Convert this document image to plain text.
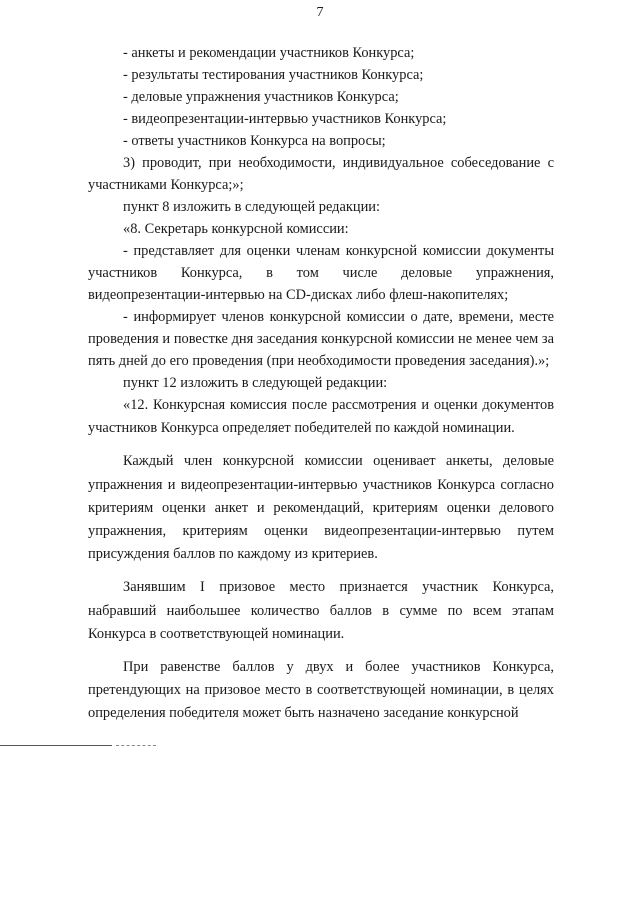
7

- анкеты и рекомендации участников Конкурса;

- результаты тестирования участников Конкурса;

- деловые упражнения участников Конкурса;

- видеопрезентации-интервью участников Конкурса;

- ответы участников Конкурса на вопросы;

3) проводит, при необходимости, индивидуальное собеседование с участниками Конкурса;»;

пункт 8 изложить в следующей редакции:

«8. Секретарь конкурсной комиссии:

- представляет для оценки членам конкурсной комиссии документы участников Конкурса, в том числе деловые упражнения, видеопрезентации-интервью на CD-дисках либо флеш-накопителях;

- информирует членов конкурсной комиссии о дате, времени, месте проведения и повестке дня заседания конкурсной комиссии не менее чем за пять дней до его проведения (при необходимости проведения заседания).»;

пункт 12 изложить в следующей редакции:

«12. Конкурсная комиссия после рассмотрения и оценки документов участников Конкурса определяет победителей по каждой номинации.

Каждый член конкурсной комиссии оценивает анкеты, деловые упражнения и видеопрезентации-интервью участников Конкурса согласно критериям оценки анкет и рекомендаций, критериям оценки делового упражнения, критериям оценки видеопрезентации-интервью путем присуждения баллов по каждому из критериев.

Занявшим I призовое место признается участник Конкурса, набравший наибольшее количество баллов в сумме по всем этапам Конкурса в соответствующей номинации.

При равенстве баллов у двух и более участников Конкурса, претендующих на призовое место в соответствующей номинации, в целях определения победителя может быть назначено заседание конкурсной
